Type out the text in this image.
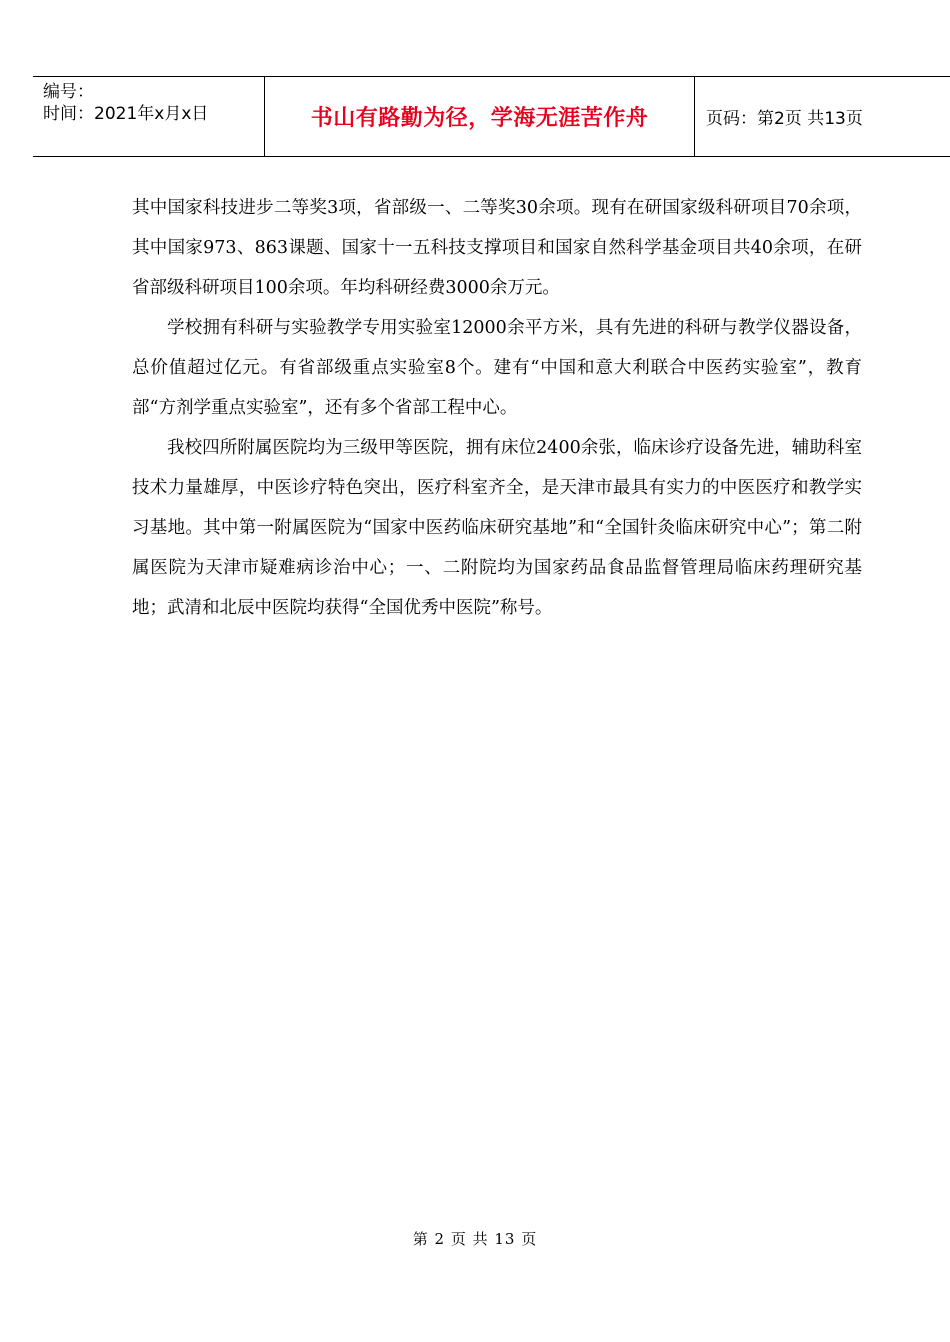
编号：
时间：2021年x月x日	书山有路勤为径，学海无涯苦作舟	页码：第2页 共13页

其中国家科技进步二等奖3项，省部级一、二等奖30余项。现有在研国家级科研项目70余项，其中国家973、863课题、国家十一五科技支撑项目和国家自然科学基金项目共40余项，在研省部级科研项目100余项。年均科研经费3000余万元。

学校拥有科研与实验教学专用实验室12000余平方米，具有先进的科研与教学仪器设备，总价值超过亿元。有省部级重点实验室8个。建有“中国和意大利联合中医药实验室”，教育部“方剂学重点实验室”，还有多个省部工程中心。

我校四所附属医院均为三级甲等医院，拥有床位2400余张，临床诊疗设备先进，辅助科室技术力量雄厚，中医诊疗特色突出，医疗科室齐全，是天津市最具有实力的中医医疗和教学实习基地。其中第一附属医院为“国家中医药临床研究基地”和“全国针灸临床研究中心”；第二附属医院为天津市疑难病诊治中心；一、二附院均为国家药品食品监督管理局临床药理研究基地；武清和北辰中医院均获得“全国优秀中医院”称号。

第 2 页 共 13 页
